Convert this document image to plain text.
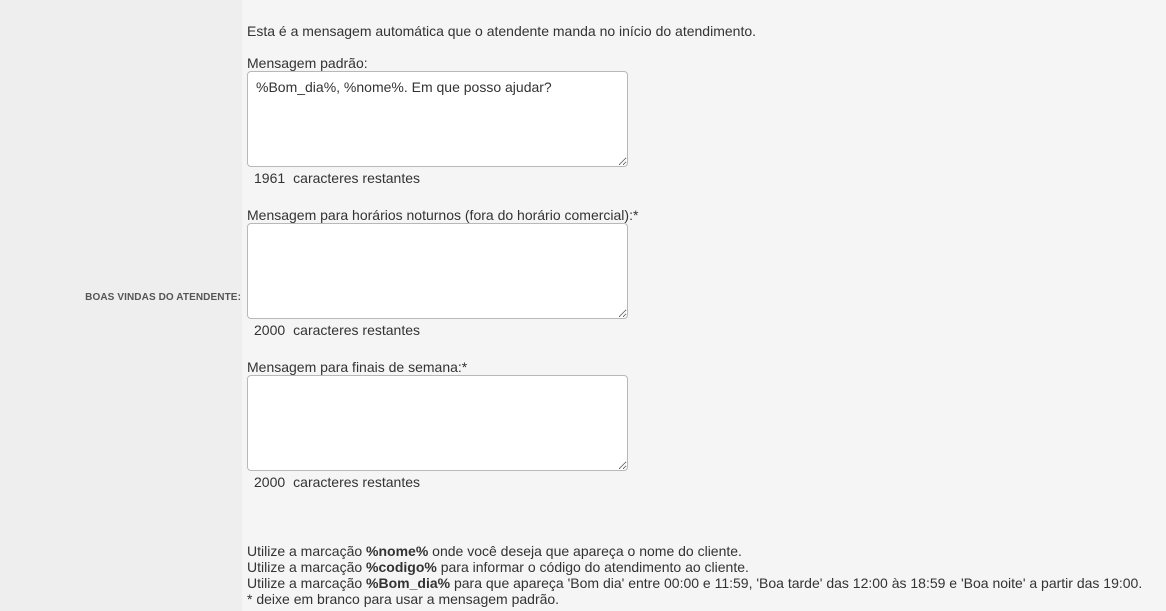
BOAS VINDAS DO ATENDENTE:
Esta é a mensagem automática que o atendente manda no início do atendimento.
Mensagem padrão:
%Bom_dia%, %nome%. Em que posso ajudar?
1961 caracteres restantes
Mensagem para horários noturnos (fora do horário comercial):*
2000 caracteres restantes
Mensagem para finais de semana:*
2000 caracteres restantes
Utilize a marcação %nome% onde você deseja que apareça o nome do cliente.
Utilize a marcação %codigo% para informar o código do atendimento ao cliente.
Utilize a marcação %Bom_dia% para que apareça 'Bom dia' entre 00:00 e 11:59, 'Boa tarde' das 12:00 às 18:59 e 'Boa noite' a partir das 19:00.
* deixe em branco para usar a mensagem padrão.
